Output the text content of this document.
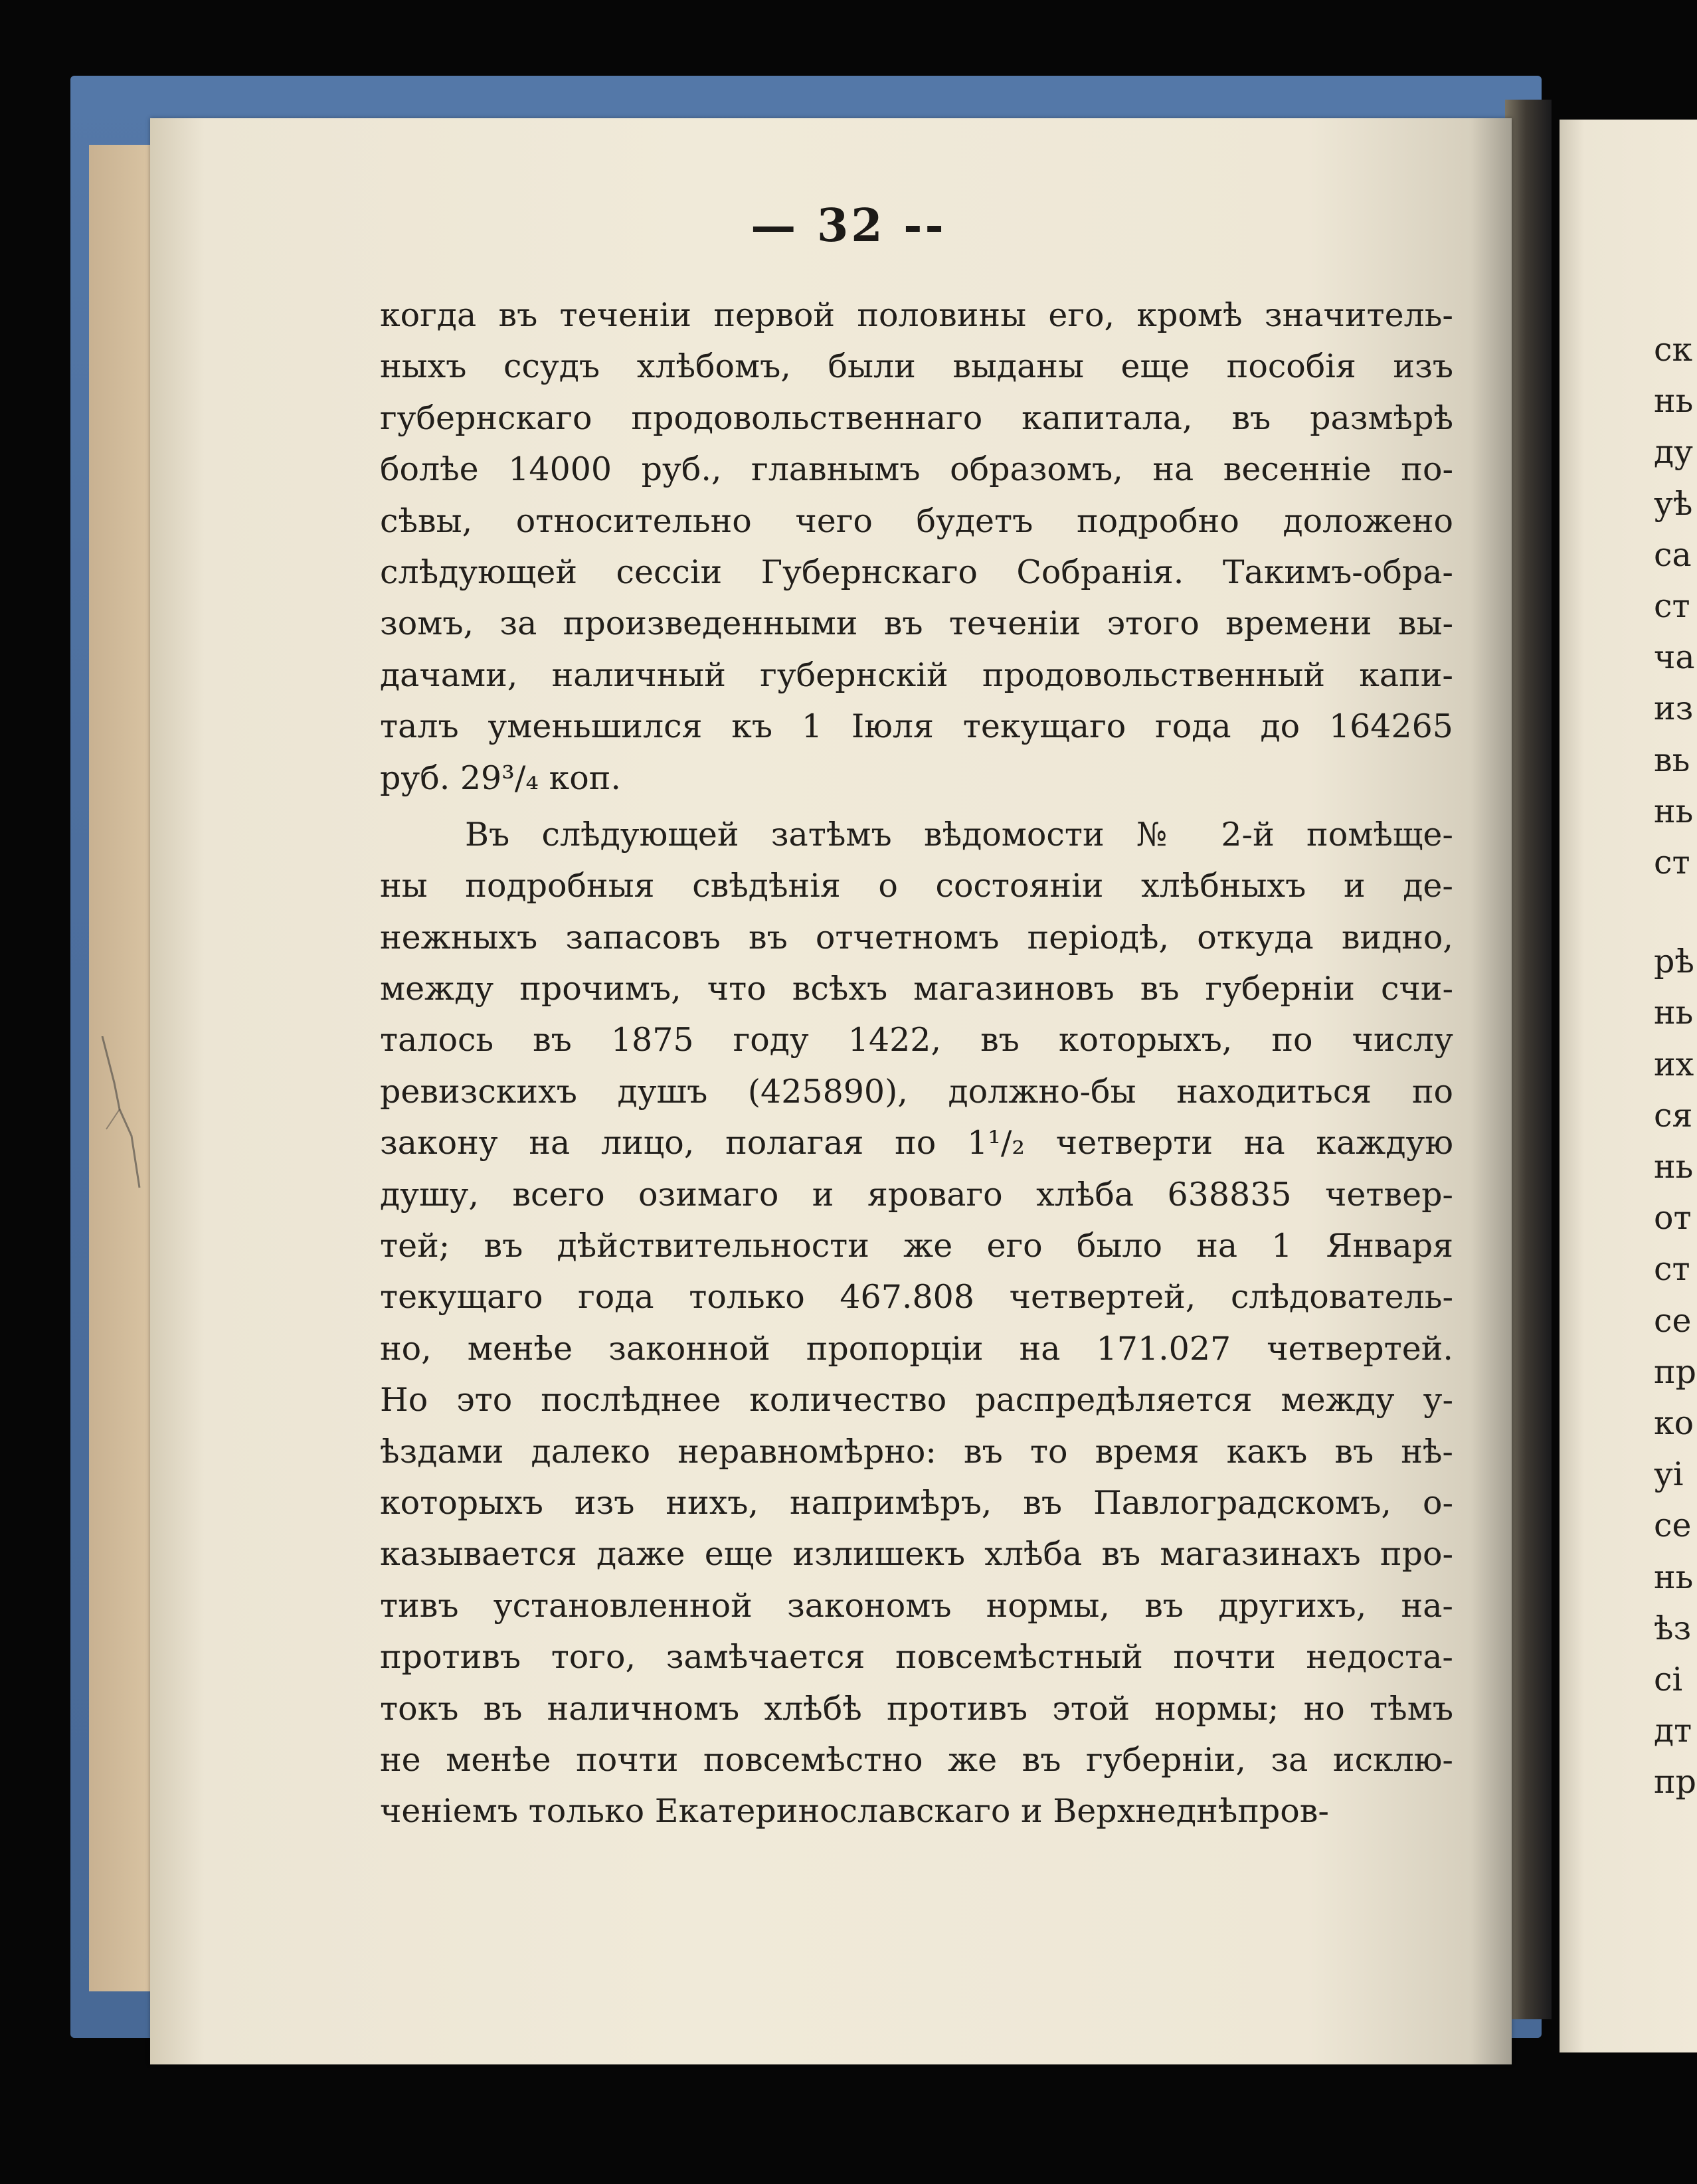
— 32 --
когда въ теченіи первой половины его, кромѣ значитель-
ныхъ ссудъ хлѣбомъ, были выданы еще пособія изъ
губернскаго продовольственнаго капитала, въ размѣрѣ
болѣе 14000 руб., главнымъ образомъ, на весенніе по-
сѣвы, относительно чего будетъ подробно доложено
слѣдующей сессіи Губернскаго Собранія. Такимъ-обра-
зомъ, за произведенными въ теченіи этого времени вы-
дачами, наличный губернскій продовольственный капи-
талъ уменьшился къ 1 Іюля текущаго года до 164265
руб. 29³/₄ коп.
Въ слѣдующей затѣмъ вѣдомости № 2-й помѣще-
ны подробныя свѣдѣнія о состояніи хлѣбныхъ и де-
нежныхъ запасовъ въ отчетномъ періодѣ, откуда видно,
между прочимъ, что всѣхъ магазиновъ въ губерніи счи-
талось въ 1875 году 1422, въ которыхъ, по числу
ревизскихъ душъ (425890), должно-бы находиться по
закону на лицо, полагая по 1¹/₂ четверти на каждую
душу, всего озимаго и яроваго хлѣба 638835 четвер-
тей; въ дѣйствительности же его было на 1 Января
текущаго года только 467.808 четвертей, слѣдователь-
но, менѣе законной пропорціи на 171.027 четвертей.
Но это послѣднее количество распредѣляется между у-
ѣздами далеко неравномѣрно: въ то время какъ въ нѣ-
которыхъ изъ нихъ, напримѣръ, въ Павлоградскомъ, о-
казывается даже еще излишекъ хлѣба въ магазинахъ про-
тивъ установленной закономъ нормы, въ другихъ, на-
противъ того, замѣчается повсемѣстный почти недоста-
токъ въ наличномъ хлѣбѣ противъ этой нормы; но тѣмъ
не менѣе почти повсемѣстно же въ губерніи, за исклю-
ченіемъ только Екатеринославскаго и Верхнеднѣпров-
ск
нь
ду
уѣ
са
ст
ча
из
вь
нь
ст
рѣ
нь
их
ся
нь
от
ст
се
пр
ко
уі
се
нь
ѣз
сі
дт
пр
